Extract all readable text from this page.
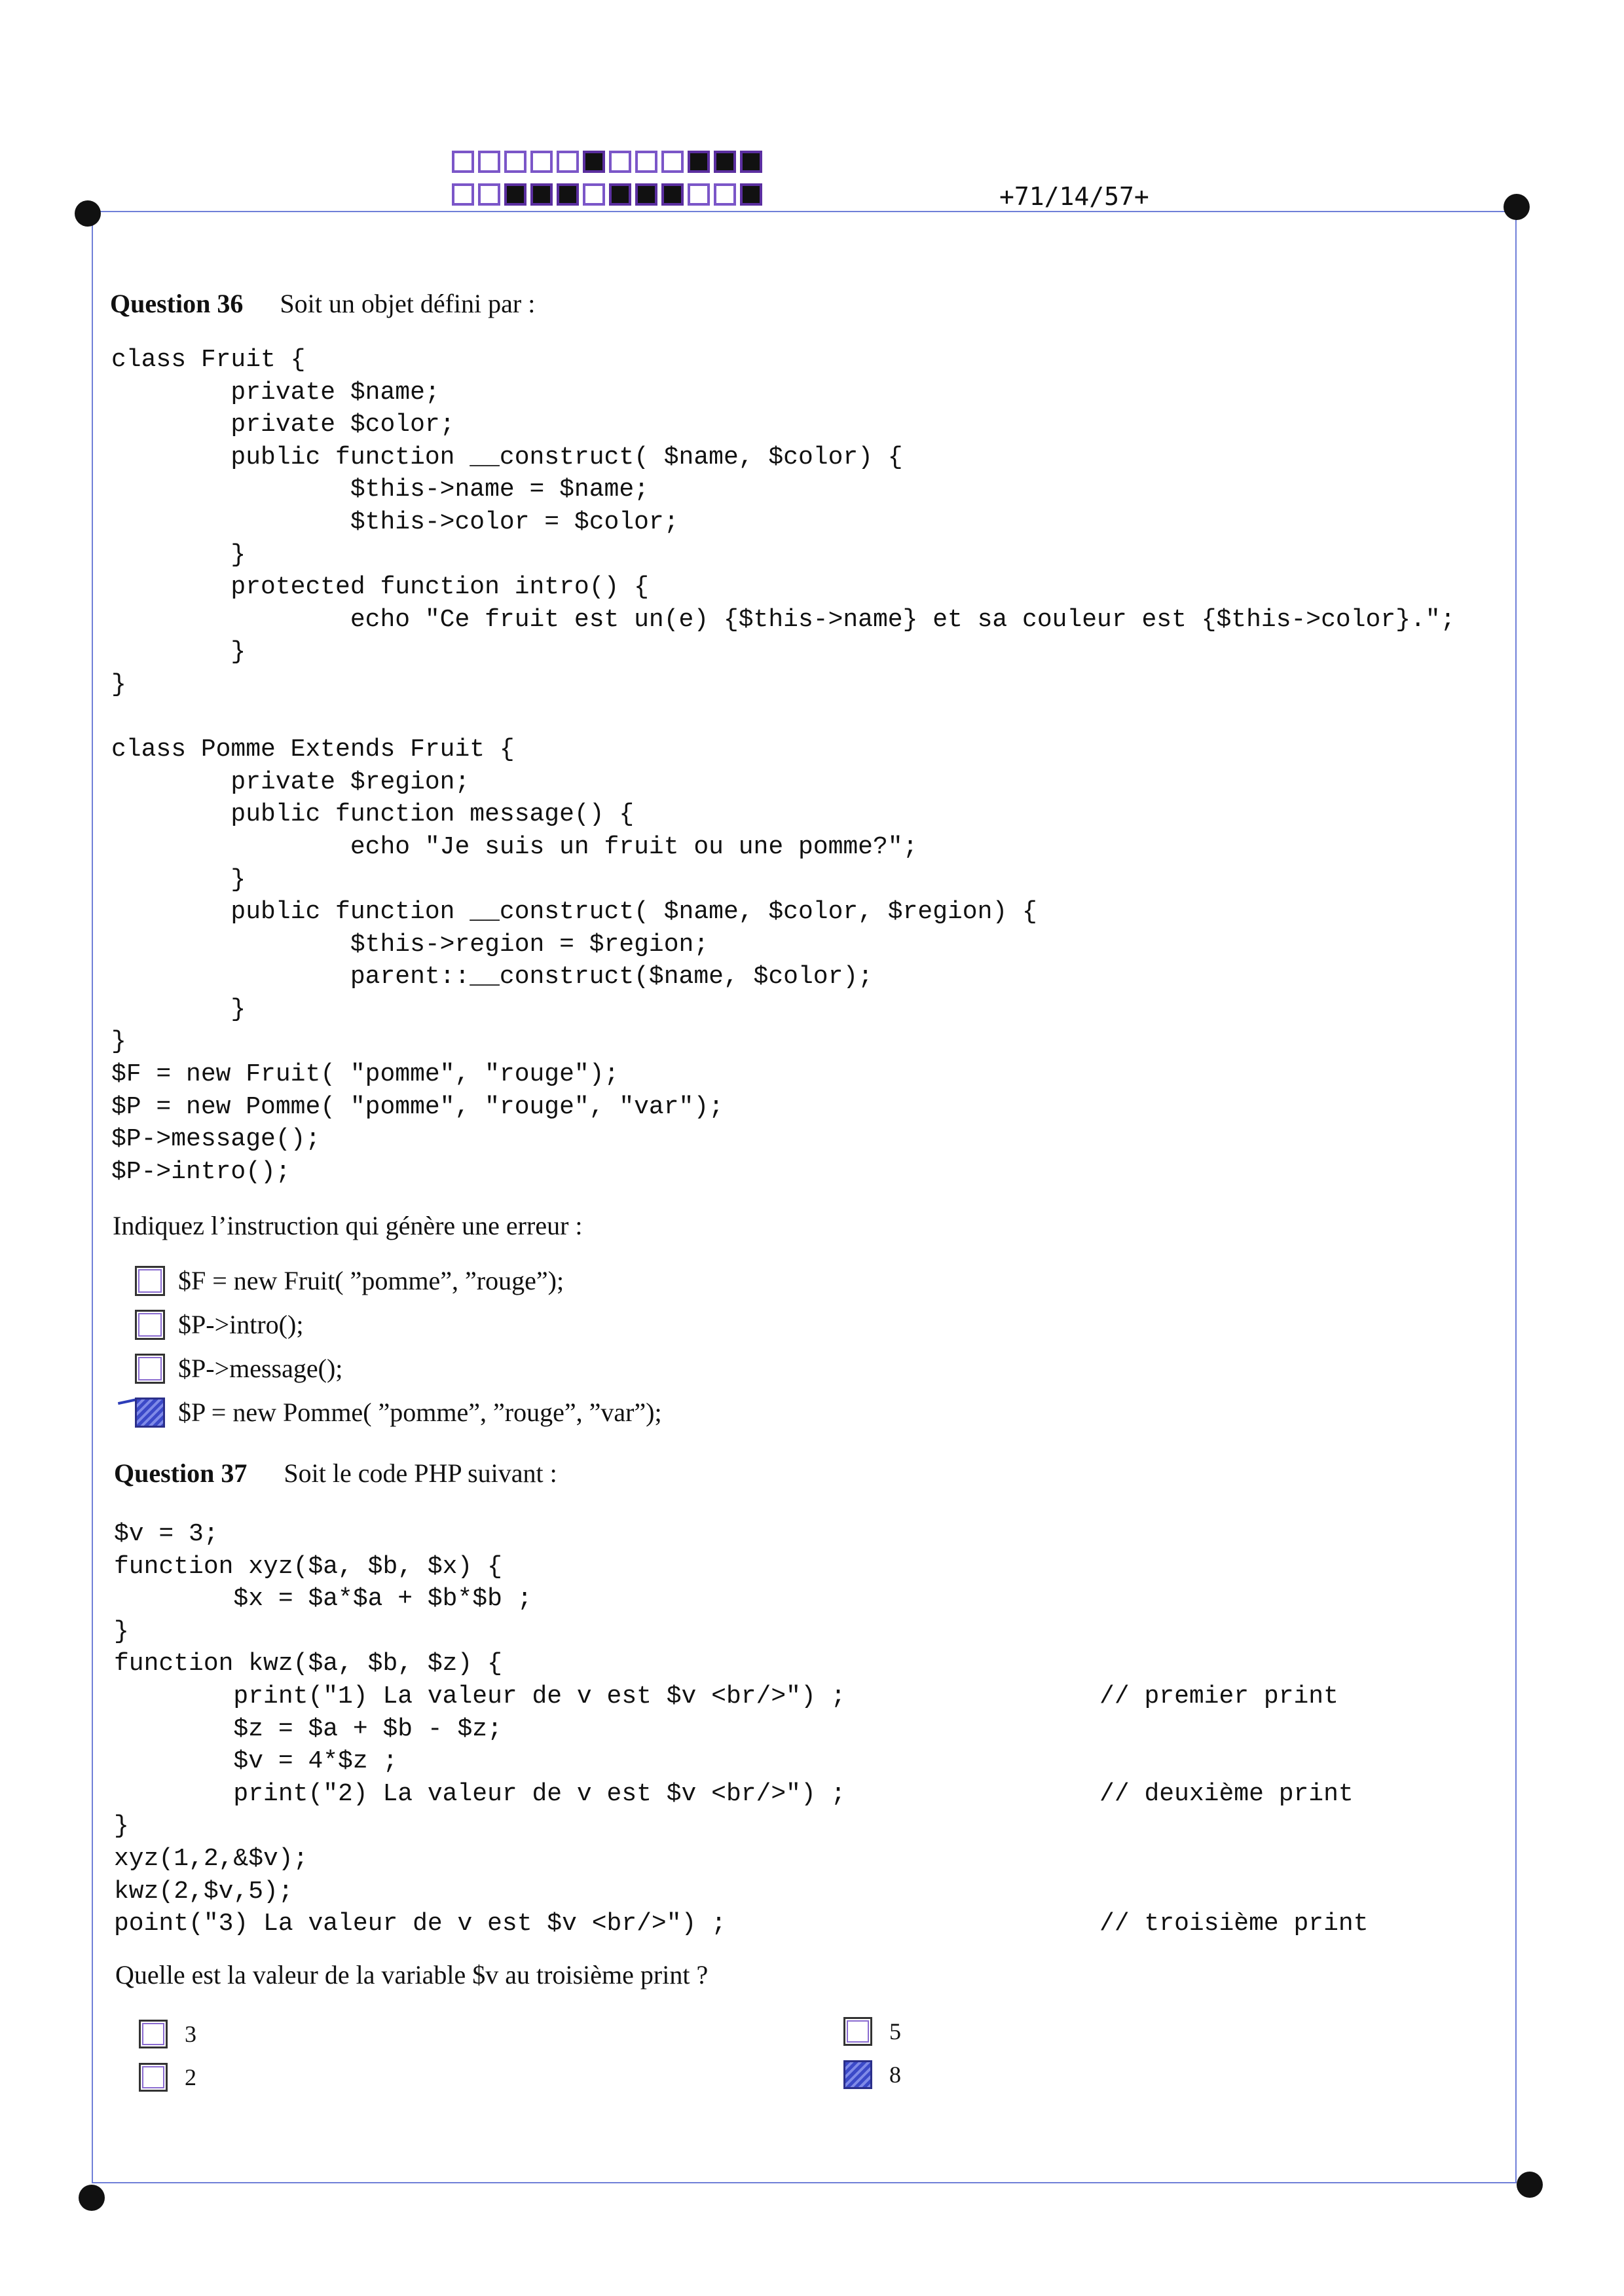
+71/14/57+
Question 36 Soit un objet défini par :
class Fruit {
private $name;
private $color;
public function __construct( $name, $color) {
$this->name = $name;
$this->color = $color;
}
protected function intro() {
echo "Ce fruit est un(e) {$this->name} et sa couleur est {$this->color}.";
}
}

class Pomme Extends Fruit {
private $region;
public function message() {
echo "Je suis un fruit ou une pomme?";
}
public function __construct( $name, $color, $region) {
$this->region = $region;
parent::__construct($name, $color);
}
}
$F = new Fruit( "pomme", "rouge");
$P = new Pomme( "pomme", "rouge", "var");
$P->message();
$P->intro();
Indiquez l’instruction qui génère une erreur :
$F = new Fruit( ”pomme”, ”rouge”);
$P->intro();
$P->message();
$P = new Pomme( ”pomme”, ”rouge”, ”var”);
Question 37 Soit le code PHP suivant :
$v = 3;
function xyz($a, $b, $x) {
$x = $a*$a + $b*$b ;
}
function kwz($a, $b, $z) {
print("1) La valeur de v est $v <br/>") ;                 // premier print
$z = $a + $b - $z;
$v = 4*$z ;
print("2) La valeur de v est $v <br/>") ;                 // deuxième print
}
xyz(1,2,&$v);
kwz(2,$v,5);
point("3) La valeur de v est $v <br/>") ;                         // troisième print
Quelle est la valeur de la variable $v au troisième print ?
3
2
5
8
